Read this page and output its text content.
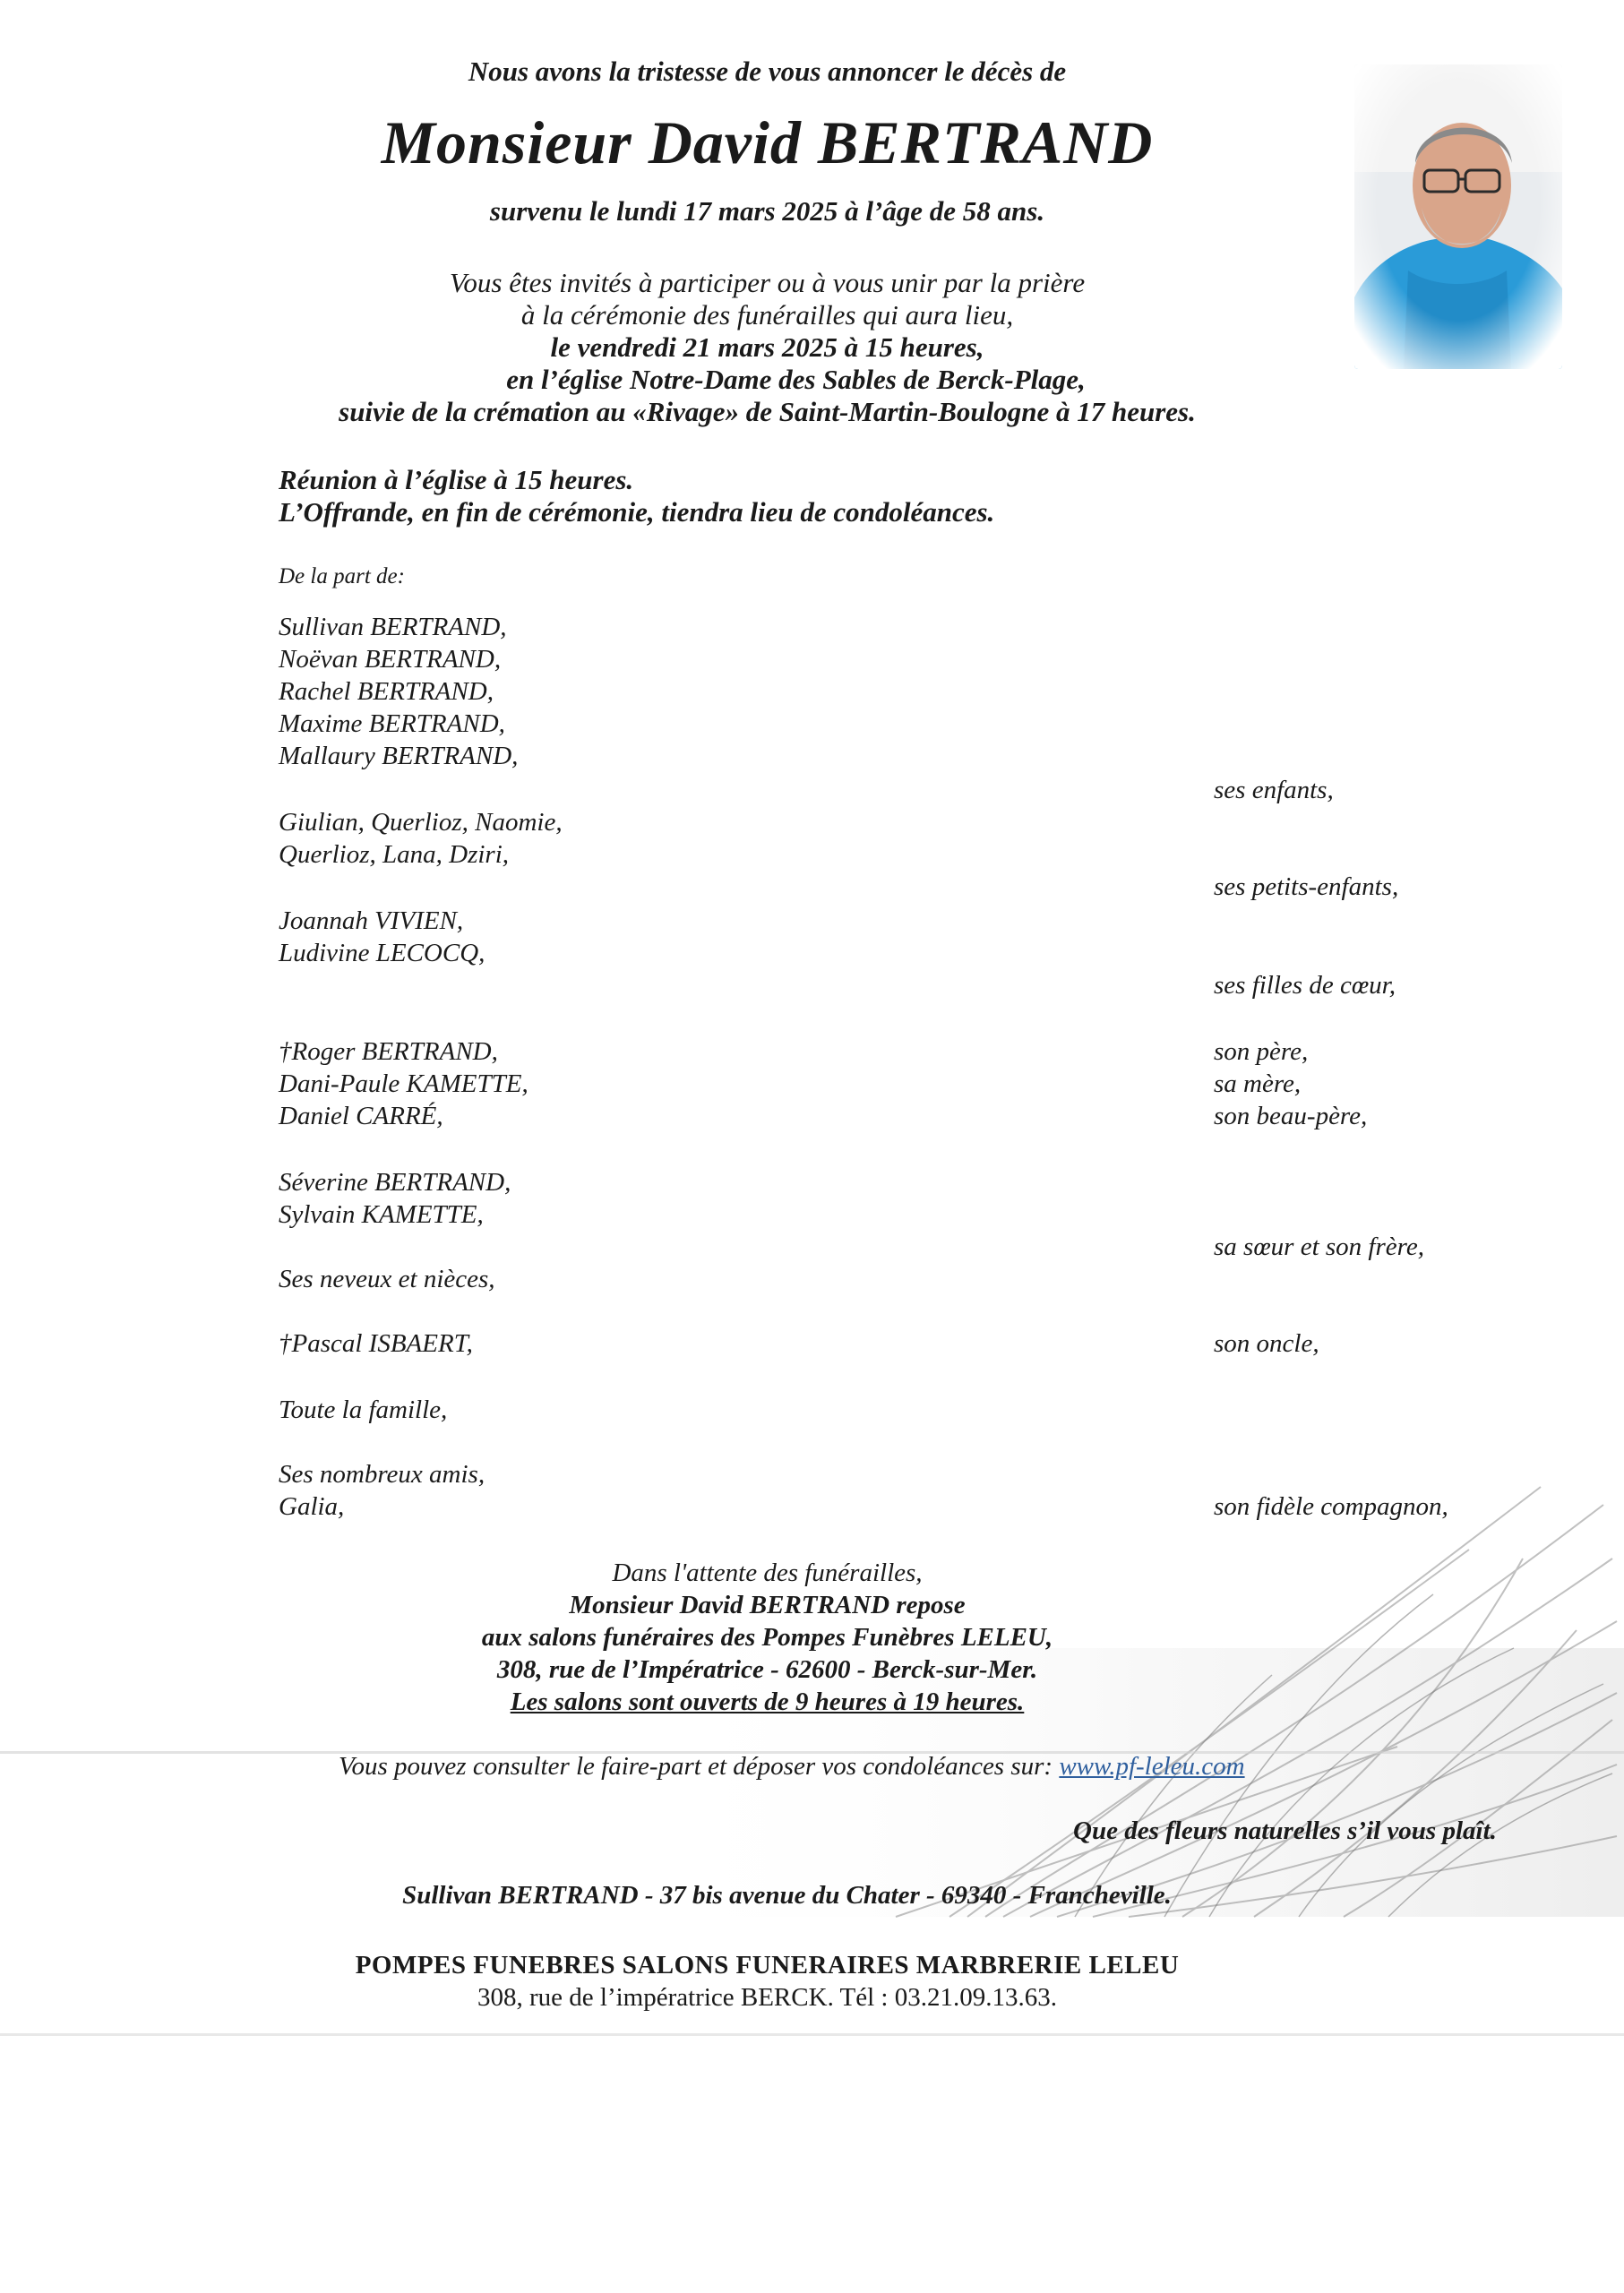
Nous avons la tristesse de vous annoncer le décès de
Monsieur David BERTRAND
survenu le lundi 17 mars 2025 à l’âge de 58 ans.
Vous êtes invités à participer ou à vous unir par la prière
à la cérémonie des funérailles qui aura lieu,
le vendredi 21 mars 2025 à 15 heures,
en l’église Notre-Dame des Sables de Berck-Plage,
suivie de la crémation au «Rivage» de Saint-Martin-Boulogne à 17 heures.
Réunion à l’église à 15 heures.
L’Offrande, en fin de cérémonie, tiendra lieu de condoléances.
De la part de:
Sullivan BERTRAND,
Noëvan BERTRAND,
Rachel BERTRAND,
Maxime BERTRAND,
Mallaury BERTRAND,
ses enfants,
Giulian, Querlioz, Naomie,
Querlioz, Lana, Dziri,
ses petits-enfants,
Joannah VIVIEN,
Ludivine LECOCQ,
ses filles de cœur,
†Roger BERTRAND,
Dani-Paule KAMETTE,
Daniel CARRÉ,
son père,
sa mère,
son beau-père,
Séverine BERTRAND,
Sylvain KAMETTE,
sa sœur et son frère,
Ses neveux et nièces,
†Pascal ISBAERT,	son oncle,
Toute la famille,
Ses nombreux amis,
Galia,	son fidèle compagnon,
Dans l'attente des funérailles,
Monsieur David BERTRAND repose
aux salons funéraires des Pompes Funèbres LELEU,
308, rue de l’Impératrice - 62600 - Berck-sur-Mer.
Les salons sont ouverts de 9 heures à 19 heures.
Vous pouvez consulter le faire-part et déposer vos condoléances sur: www.pf-leleu.com
Que des fleurs naturelles s’il vous plaît.
Sullivan BERTRAND - 37 bis avenue du Chater - 69340 - Francheville.
POMPES FUNEBRES SALONS FUNERAIRES MARBRERIE LELEU
308, rue de l’impératrice BERCK. Tél : 03.21.09.13.63.
